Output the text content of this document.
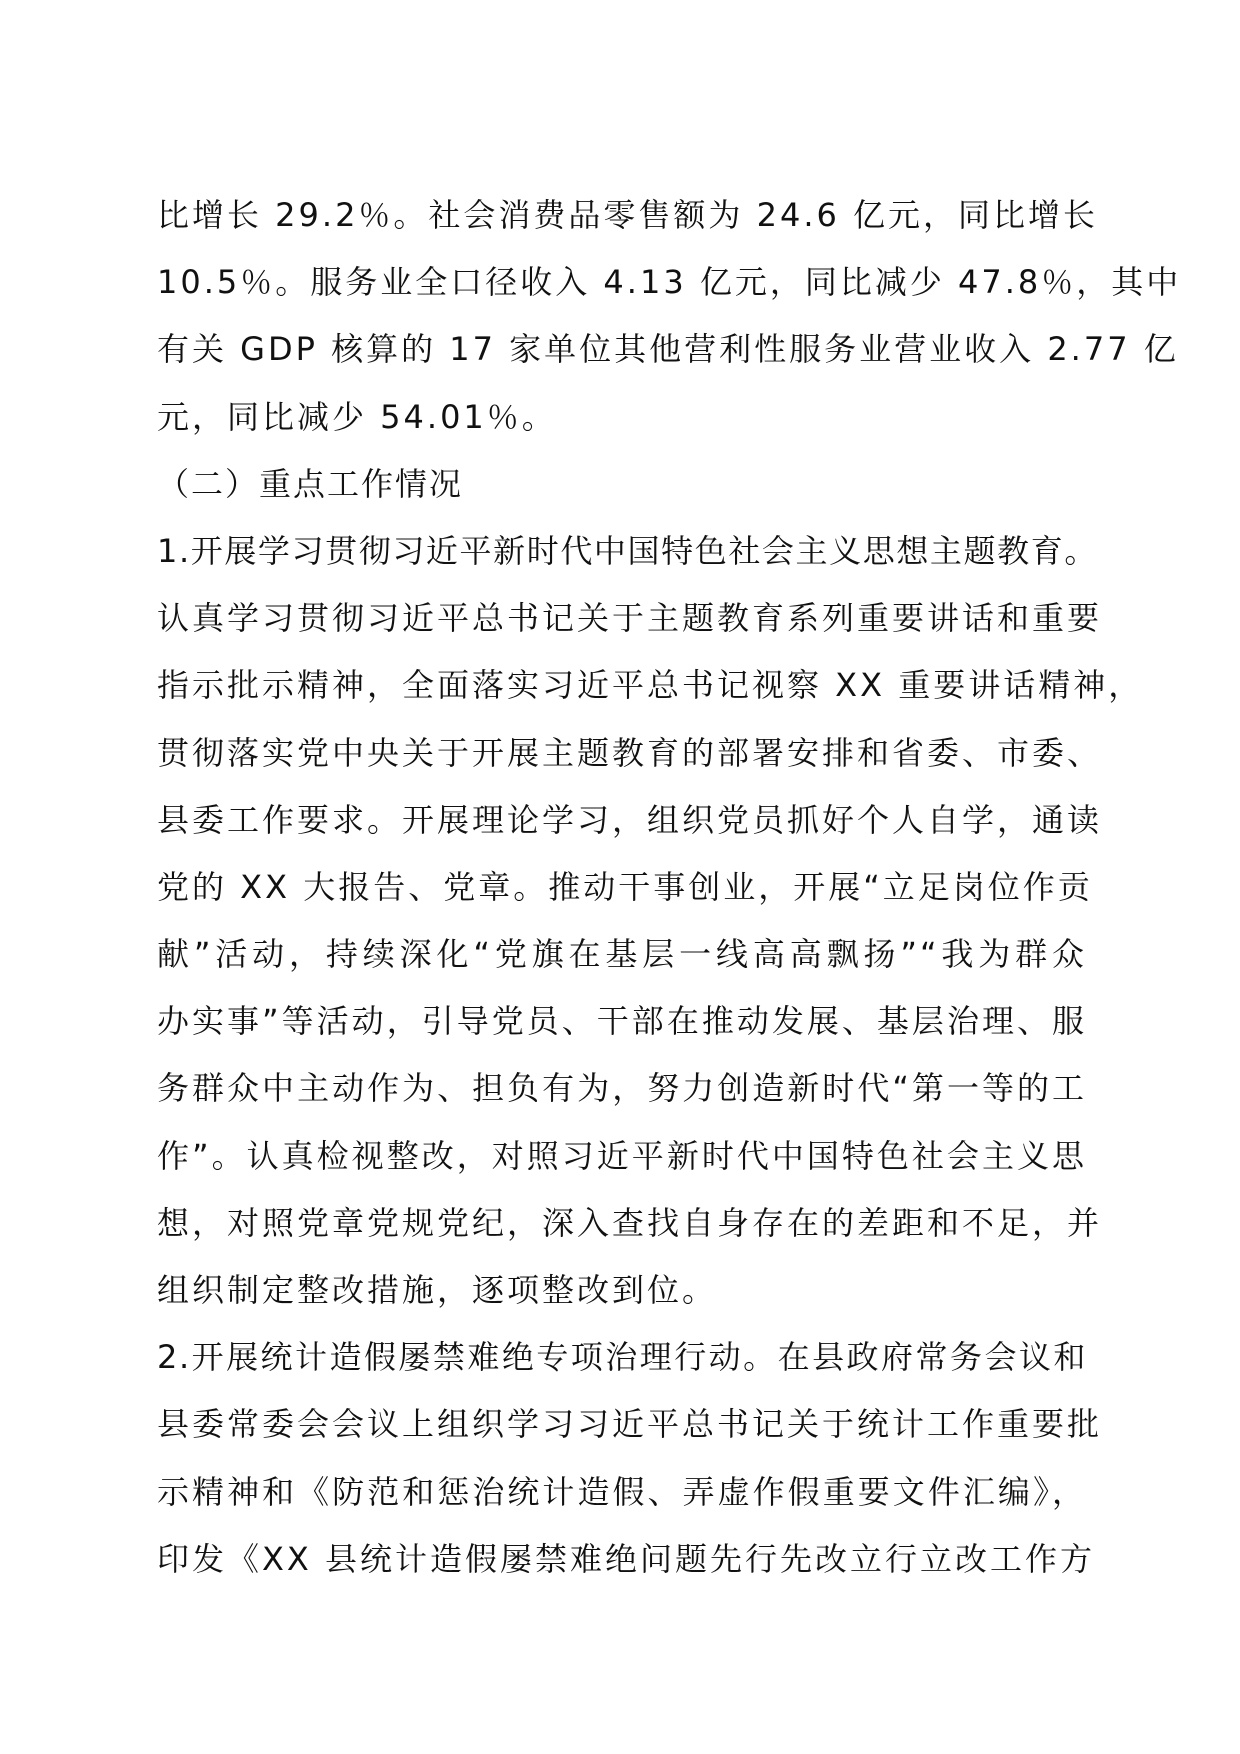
比增长 29.2％。社会消费品零售额为 24.6 亿元，同比增长
10.5％。服务业全口径收入 4.13 亿元，同比减少 47.8％，其中
有关 GDP 核算的 17 家单位其他营利性服务业营业收入 2.77 亿
元，同比减少 54.01％。
（二）重点工作情况
1.开展学习贯彻习近平新时代中国特色社会主义思想主题教育。
认真学习贯彻习近平总书记关于主题教育系列重要讲话和重要
指示批示精神，全面落实习近平总书记视察 XX 重要讲话精神，
贯彻落实党中央关于开展主题教育的部署安排和省委、市委、
县委工作要求。开展理论学习，组织党员抓好个人自学，通读
党的 XX 大报告、党章。推动干事创业，开展“立足岗位作贡
献”活动，持续深化“党旗在基层一线高高飘扬”“我为群众
办实事”等活动，引导党员、干部在推动发展、基层治理、服
务群众中主动作为、担负有为，努力创造新时代“第一等的工
作”。认真检视整改，对照习近平新时代中国特色社会主义思
想，对照党章党规党纪，深入查找自身存在的差距和不足，并
组织制定整改措施，逐项整改到位。
2.开展统计造假屡禁难绝专项治理行动。在县政府常务会议和
县委常委会会议上组织学习习近平总书记关于统计工作重要批
示精神和《防范和惩治统计造假、弄虚作假重要文件汇编》，
印发《XX 县统计造假屡禁难绝问题先行先改立行立改工作方
